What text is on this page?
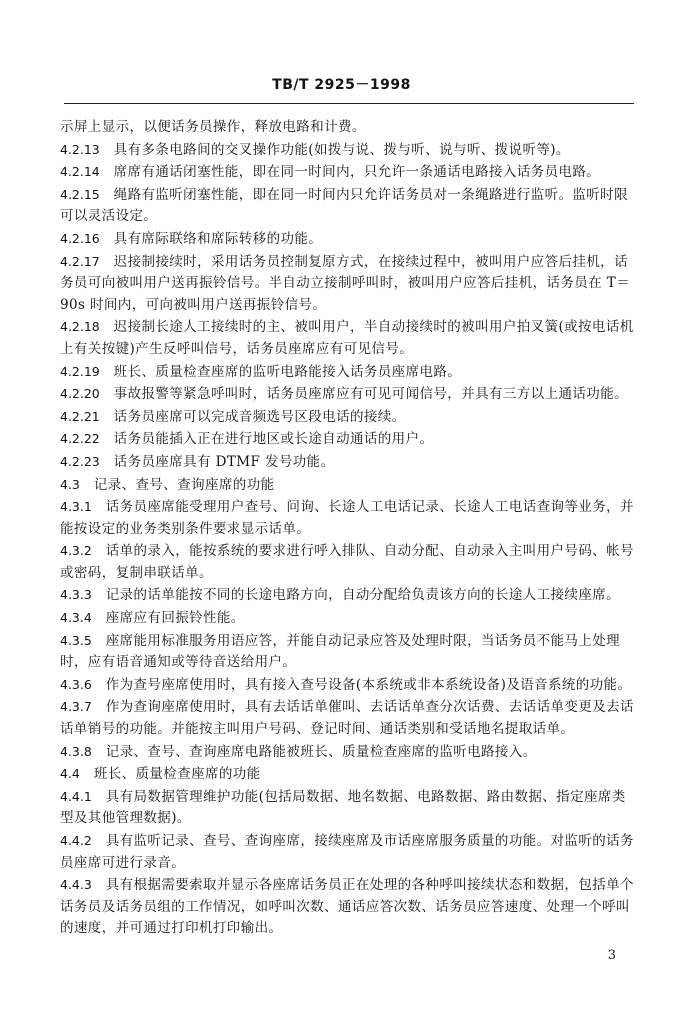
TB/T 2925－1998

示屏上显示，以便话务员操作，释放电路和计费。

4.2.13　 具有多条电路间的交叉操作功能(如拨与说、拨与听、说与听、拨说听等)。

4.2.14　 席席有通话闭塞性能，即在同一时间内，只允许一条通话电路接入话务员电路。

4.2.15　 绳路有监听闭塞性能，即在同一时间内只允许话务员对一条绳路进行监听。监听时限可以灵活设定。

4.2.16　 具有席际联络和席际转移的功能。

4.2.17　 迟接制接续时，采用话务员控制复原方式，在接续过程中，被叫用户应答后挂机，话务员可向被叫用户送再振铃信号。半自动立接制呼叫时，被叫用户应答后挂机，话务员在 T＝90s 时间内，可向被叫用户送再振铃信号。

4.2.18　 迟接制长途人工接续时的主、被叫用户，半自动接续时的被叫用户拍叉簧(或按电话机上有关按键)产生反呼叫信号，话务员座席应有可见信号。

4.2.19　 班长、质量检查座席的监听电路能接入话务员座席电路。

4.2.20　 事故报警等紧急呼叫时，话务员座席应有可见可闻信号，并具有三方以上通话功能。

4.2.21　 话务员座席可以完成音频选号区段电话的接续。

4.2.22　 话务员能插入正在进行地区或长途自动通话的用户。

4.2.23　 话务员座席具有 DTMF 发号功能。

4.3　 记录、查号、查询座席的功能

4.3.1　 话务员座席能受理用户查号、问询、长途人工电话记录、长途人工电话查询等业务，并能按设定的业务类别条件要求显示话单。

4.3.2　 话单的录入，能按系统的要求进行呼入排队、自动分配、自动录入主叫用户号码、帐号或密码，复制串联话单。

4.3.3　 记录的话单能按不同的长途电路方向，自动分配给负责该方向的长途人工接续座席。

4.3.4　 座席应有回振铃性能。

4.3.5　 座席能用标准服务用语应答，并能自动记录应答及处理时限，当话务员不能马上处理时，应有语音通知或等待音送给用户。

4.3.6　 作为查号座席使用时，具有接入查号设备(本系统或非本系统设备)及语音系统的功能。

4.3.7　 作为查询座席使用时，具有去话话单催叫、去话话单查分次话费、去话话单变更及去话话单销号的功能。并能按主叫用户号码、登记时间、通话类别和受话地名提取话单。

4.3.8　 记录、查号、查询座席电路能被班长、质量检查座席的监听电路接入。

4.4　 班长、质量检查座席的功能

4.4.1　 具有局数据管理维护功能(包括局数据、地名数据、电路数据、路由数据、指定座席类型及其他管理数据)。

4.4.2　 具有监听记录、查号、查询座席，接续座席及市话座席服务质量的功能。对监听的话务员座席可进行录音。

4.4.3　 具有根据需要索取并显示各座席话务员正在处理的各种呼叫接续状态和数据，包括单个话务员及话务员组的工作情况，如呼叫次数、通话应答次数、话务员应答速度、处理一个呼叫的速度，并可通过打印机打印输出。

3
